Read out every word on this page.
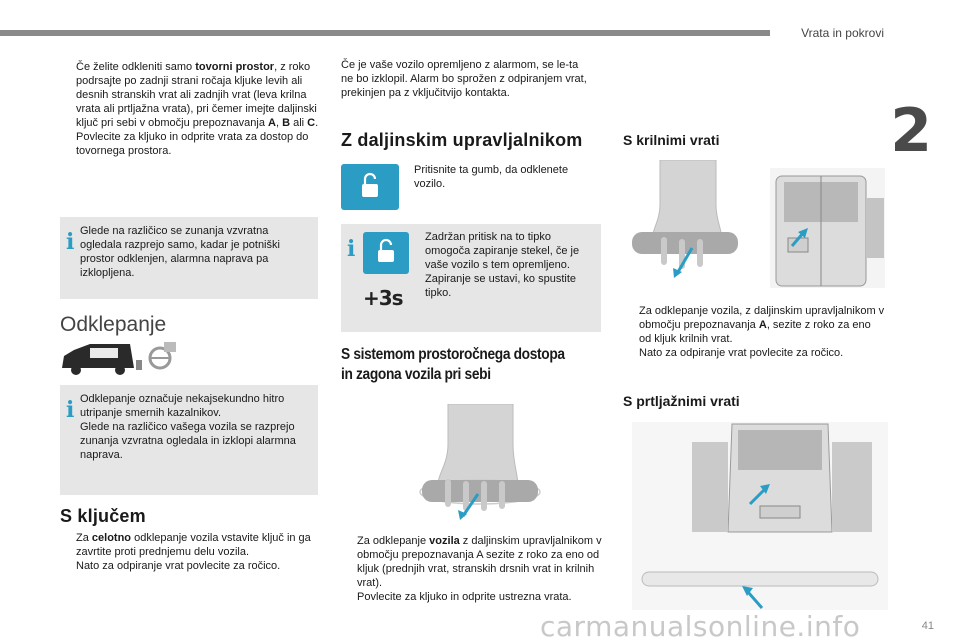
Vrata in pokrovi
2
41
carmanualsonline.info
Če želite odkleniti samo tovorni prostor, z roko podrsajte po zadnji strani ročaja kljuke levih ali desnih stranskih vrat ali zadnjih vrat (leva krilna vrata ali prtljažna vrata), pri čemer imejte daljinski ključ pri sebi v območju prepoznavanja A, B ali C.
Povlecite za kljuko in odprite vrata za dostop do tovornega prostora.
i Glede na različico se zunanja vzvratna ogledala razprejo samo, kadar je potniški prostor odklenjen, alarmna naprava pa izklopljena.

Odklepanje
i Odklepanje označuje nekajsekundno hitro utripanje smernih kazalnikov.
Glede na različico vašega vozila se razprejo zunanja vzvratna ogledala in izklopi alarmna naprava.

S ključem
Za celotno odklepanje vozila vstavite ključ in ga zavrtite proti prednjemu delu vozila.
Nato za odpiranje vrat povlecite za ročico.

Če je vaše vozilo opremljeno z alarmom, se le-ta ne bo izklopil. Alarm bo sprožen z odpiranjem vrat, prekinjen pa z vključitvijo kontakta.

Z daljinskim upravljalnikom
Pritisnite ta gumb, da odklenete vozilo.
i
+3s

Zadržan pritisk na to tipko omogoča zapiranje stekel, če je vaše vozilo s tem opremljeno. Zapiranje se ustavi, ko spustite tipko.

S sistemom prostoročnega dostopa
in zagona vozila pri sebi
Za odklepanje vozila z daljinskim upravljalnikom v območju prepoznavanja A sezite z roko za eno od kljuk (prednjih vrat, stranskih drsnih vrat in krilnih vrat).
Povlecite za kljuko in odprite ustrezna vrata.
S krilnimi vrati
Za odklepanje vozila, z daljinskim upravljalnikom v območju prepoznavanja A, sezite z roko za eno od kljuk krilnih vrat.
Nato za odpiranje vrat povlecite za ročico.
S prtljažnimi vrati
